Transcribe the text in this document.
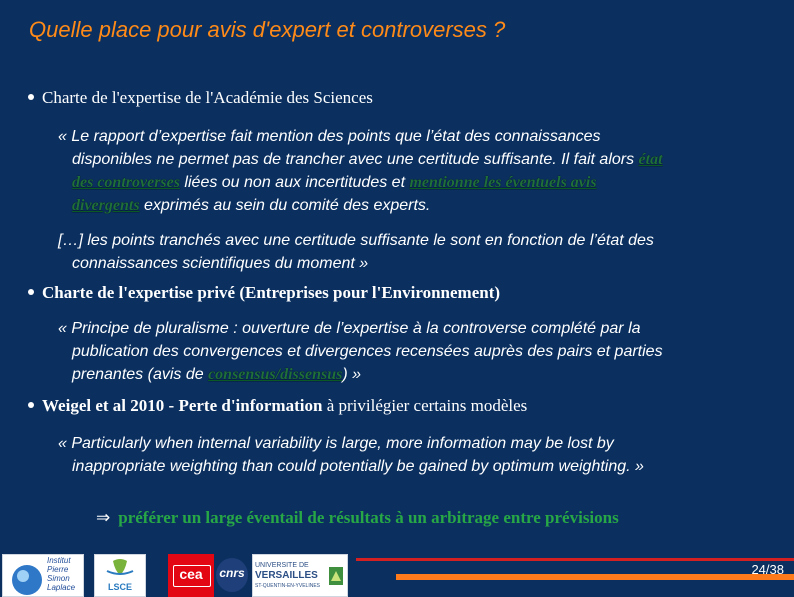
Quelle place pour avis d'expert et controverses ?
Charte de l'expertise de l'Académie des Sciences
« Le rapport d’expertise fait mention des points que l’état des connaissances
disponibles ne permet pas de trancher avec une certitude suffisante. Il fait alors état
des controverses liées ou non aux incertitudes et mentionne les éventuels avis
divergents exprimés au sein du comité des experts.
[…] les points tranchés avec une certitude suffisante le sont en fonction de l’état des
connaissances scientifiques du moment »
Charte de l'expertise privé (Entreprises pour l'Environnement)
« Principe de pluralisme : ouverture de l’expertise à la controverse complété par la
publication des convergences et divergences recensées auprès des pairs et parties
prenantes (avis de consensus/dissensus) »
Weigel et al 2010 - Perte d'information à privilégier certains modèles
« Particularly when internal variability is large, more information may be lost by
inappropriate weighting than could potentially be gained by optimum weighting. »
⇒ préférer un large éventail de résultats à un arbitrage entre prévisions
Institut
Pierre
Simon
Laplace	LSCE
cea	cnrs
UNIVERSITE DE
VERSAILLES
ST-QUENTIN-EN-YVELINES
24/38
